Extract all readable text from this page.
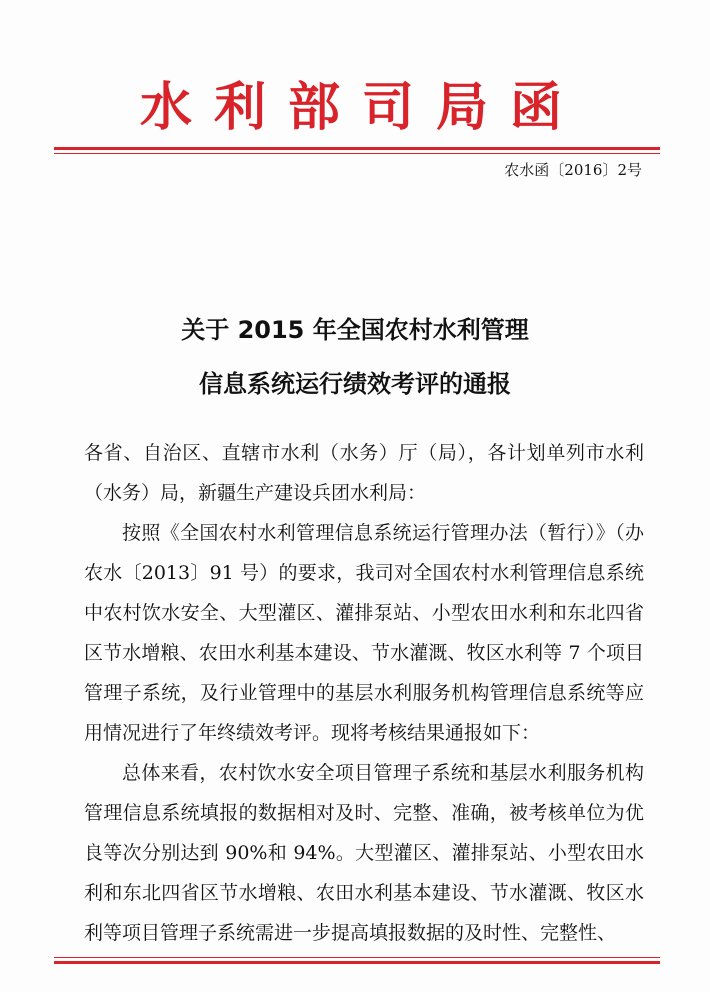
水利部司局函
农水函〔2016〕2号
关于 2015 年全国农村水利管理
信息系统运行绩效考评的通报

各省、自治区、直辖市水利（水务）厅（局），各计划单列市水利（水务）局，新疆生产建设兵团水利局：

按照《全国农村水利管理信息系统运行管理办法（暂行）》（办农水〔2013〕91 号）的要求，我司对全国农村水利管理信息系统中农村饮水安全、大型灌区、灌排泵站、小型农田水利和东北四省区节水增粮、农田水利基本建设、节水灌溉、牧区水利等 7 个项目管理子系统，及行业管理中的基层水利服务机构管理信息系统等应用情况进行了年终绩效考评。现将考核结果通报如下：

总体来看，农村饮水安全项目管理子系统和基层水利服务机构管理信息系统填报的数据相对及时、完整、准确，被考核单位为优良等次分别达到 90%和 94%。大型灌区、灌排泵站、小型农田水利和东北四省区节水增粮、农田水利基本建设、节水灌溉、牧区水利等项目管理子系统需进一步提高填报数据的及时性、完整性、
